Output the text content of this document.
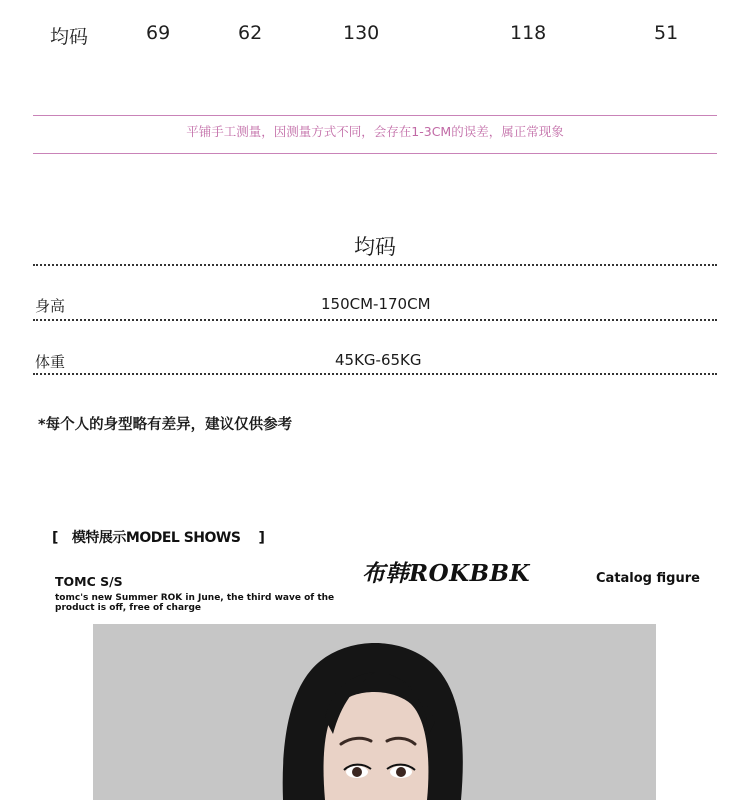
均码	69	62	130	118	51
平铺手工测量，因测量方式不同，会存在1-3CM的误差，属正常现象
均码
身高	150CM-170CM
体重	45KG-65KG
*每个人的身型略有差异，建议仅供参考
[ 模特展示MODEL SHOWS ]
布韩ROKBBK	Catalog figure
TOMC S/S
tomc's new Summer ROK in June, the third wave of the product is off, free of charge
